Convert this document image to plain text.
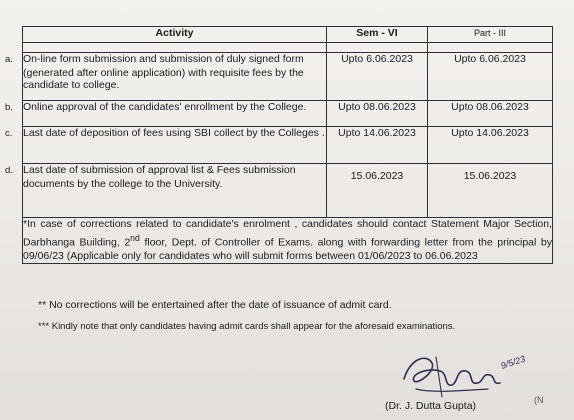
Activity	Sem - VI	Part - III

a. On-line form submission and submission of duly signed form (generated after online application) with requisite fees by the candidate to college.	Upto 6.06.2023	Upto 6.06.2023
b. Online approval of the candidates' enrollment by the College.	Upto 08.06.2023	Upto 08.06.2023
c. Last date of deposition of fees using SBI collect by the Colleges .	Upto 14.06.2023	Upto 14.06.2023
d. Last date of submission of approval list & Fees submission documents by the college to the University.	15.06.2023	15.06.2023
*In case of corrections related to candidate's enrolment , candidates should contact Statement Major Section, Darbhanga Building, 2nd floor, Dept. of Controller of Exams. along with forwarding letter from the principal by 09/06/23 (Applicable only for candidates who will submit forms between 01/06/2023 to 06.06.2023		
** No corrections will be entertained after the date of issuance of admit card.
*** Kindly note that only candidates having admit cards shall appear for the aforesaid examinations.
9/5/23
(Dr. J. Dutta Gupta)	(N
